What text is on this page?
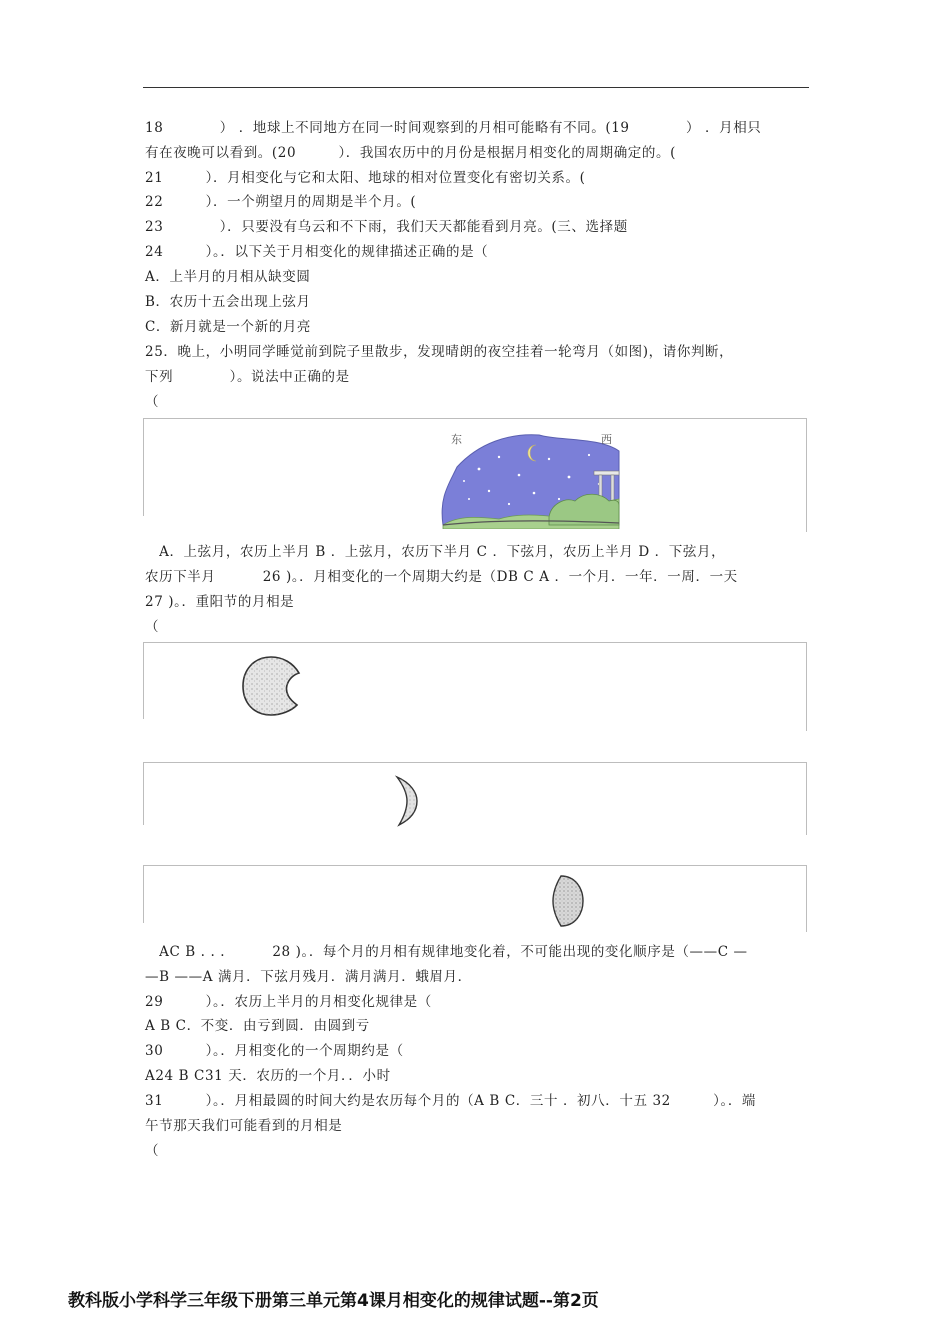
18　　　　） ．地球上不同地方在同一时间观察到的月相可能略有不同。(19　　　　） ．月相只
有在夜晚可以看到。(20　　　）．我国农历中的月份是根据月相变化的周期确定的。(
21　　　）．月相变化与它和太阳、地球的相对位置变化有密切关系。(
22　　　）．一个朔望月的周期是半个月。(
23　　　　）．只要没有乌云和不下雨，我们天天都能看到月亮。(三、选择题
24　　　）。．以下关于月相变化的规律描述正确的是（
A．上半月的月相从缺变圆
B．农历十五会出现上弦月
C．新月就是一个新的月亮
25．晚上，小明同学睡觉前到院子里散步，发现晴朗的夜空挂着一轮弯月（如图)，请你判断，
下列　　　　）。说法中正确的是
（
东	西
　A．上弦月，农历上半月 B ．上弦月，农历下半月 C ．下弦月，农历上半月 D ．下弦月，
农历下半月　　　 26 )。．月相变化的一个周期大约是（DB C A ．一个月．一年．一周．一天
27 )。．重阳节的月相是
（
　AC B . . .　　　 28 )。．每个月的月相有规律地变化着，不可能出现的变化顺序是（——C —
—B ——A 满月．下弦月残月．满月满月．蛾眉月．
29　　　）。．农历上半月的月相变化规律是（
A B C．不变．由亏到圆．由圆到亏
30　　　）。．月相变化的一个周期约是（
A24 B C31 天．农历的一个月．．小时
31　　　）。．月相最圆的时间大约是农历每个月的（A B C．三十 ．初八．十五 32　　　）。．端
午节那天我们可能看到的月相是
（
教科版小学科学三年级下册第三单元第4课月相变化的规律试题--第2页
